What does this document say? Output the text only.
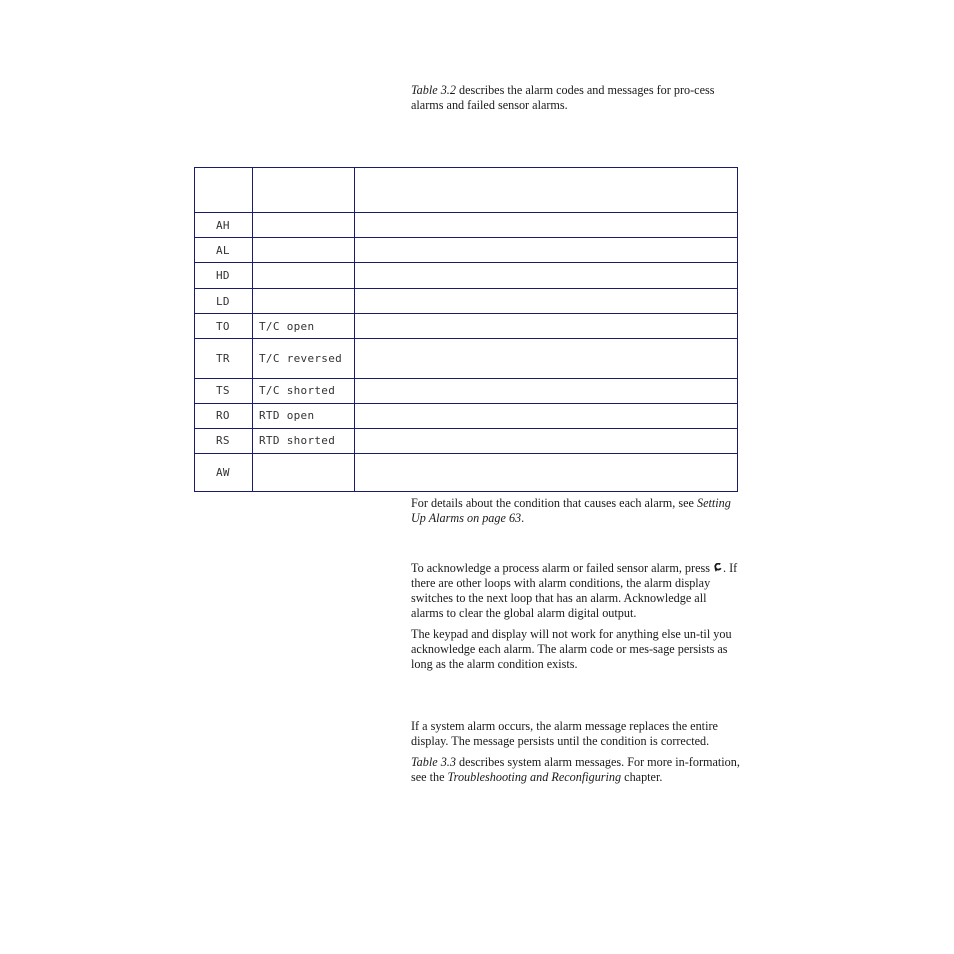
Table 3.2 describes the alarm codes and messages for pro-cess alarms and failed sensor alarms.

AH		
AL		
HD		
LD		
TO	T/C open	
TR	T/C reversed	
TS	T/C shorted	
RO	RTD open	
RS	RTD shorted	
AW		

For details about the condition that causes each alarm, see Setting Up Alarms on page 63.

To acknowledge a process alarm or failed sensor alarm, press . If there are other loops with alarm conditions, the alarm display switches to the next loop that has an alarm. Acknowledge all alarms to clear the global alarm digital output.

The keypad and display will not work for anything else un-til you acknowledge each alarm. The alarm code or mes-sage persists as long as the alarm condition exists.

If a system alarm occurs, the alarm message replaces the entire display. The message persists until the condition is corrected.

Table 3.3 describes system alarm messages. For more in-formation, see the Troubleshooting and Reconfiguring chapter.
